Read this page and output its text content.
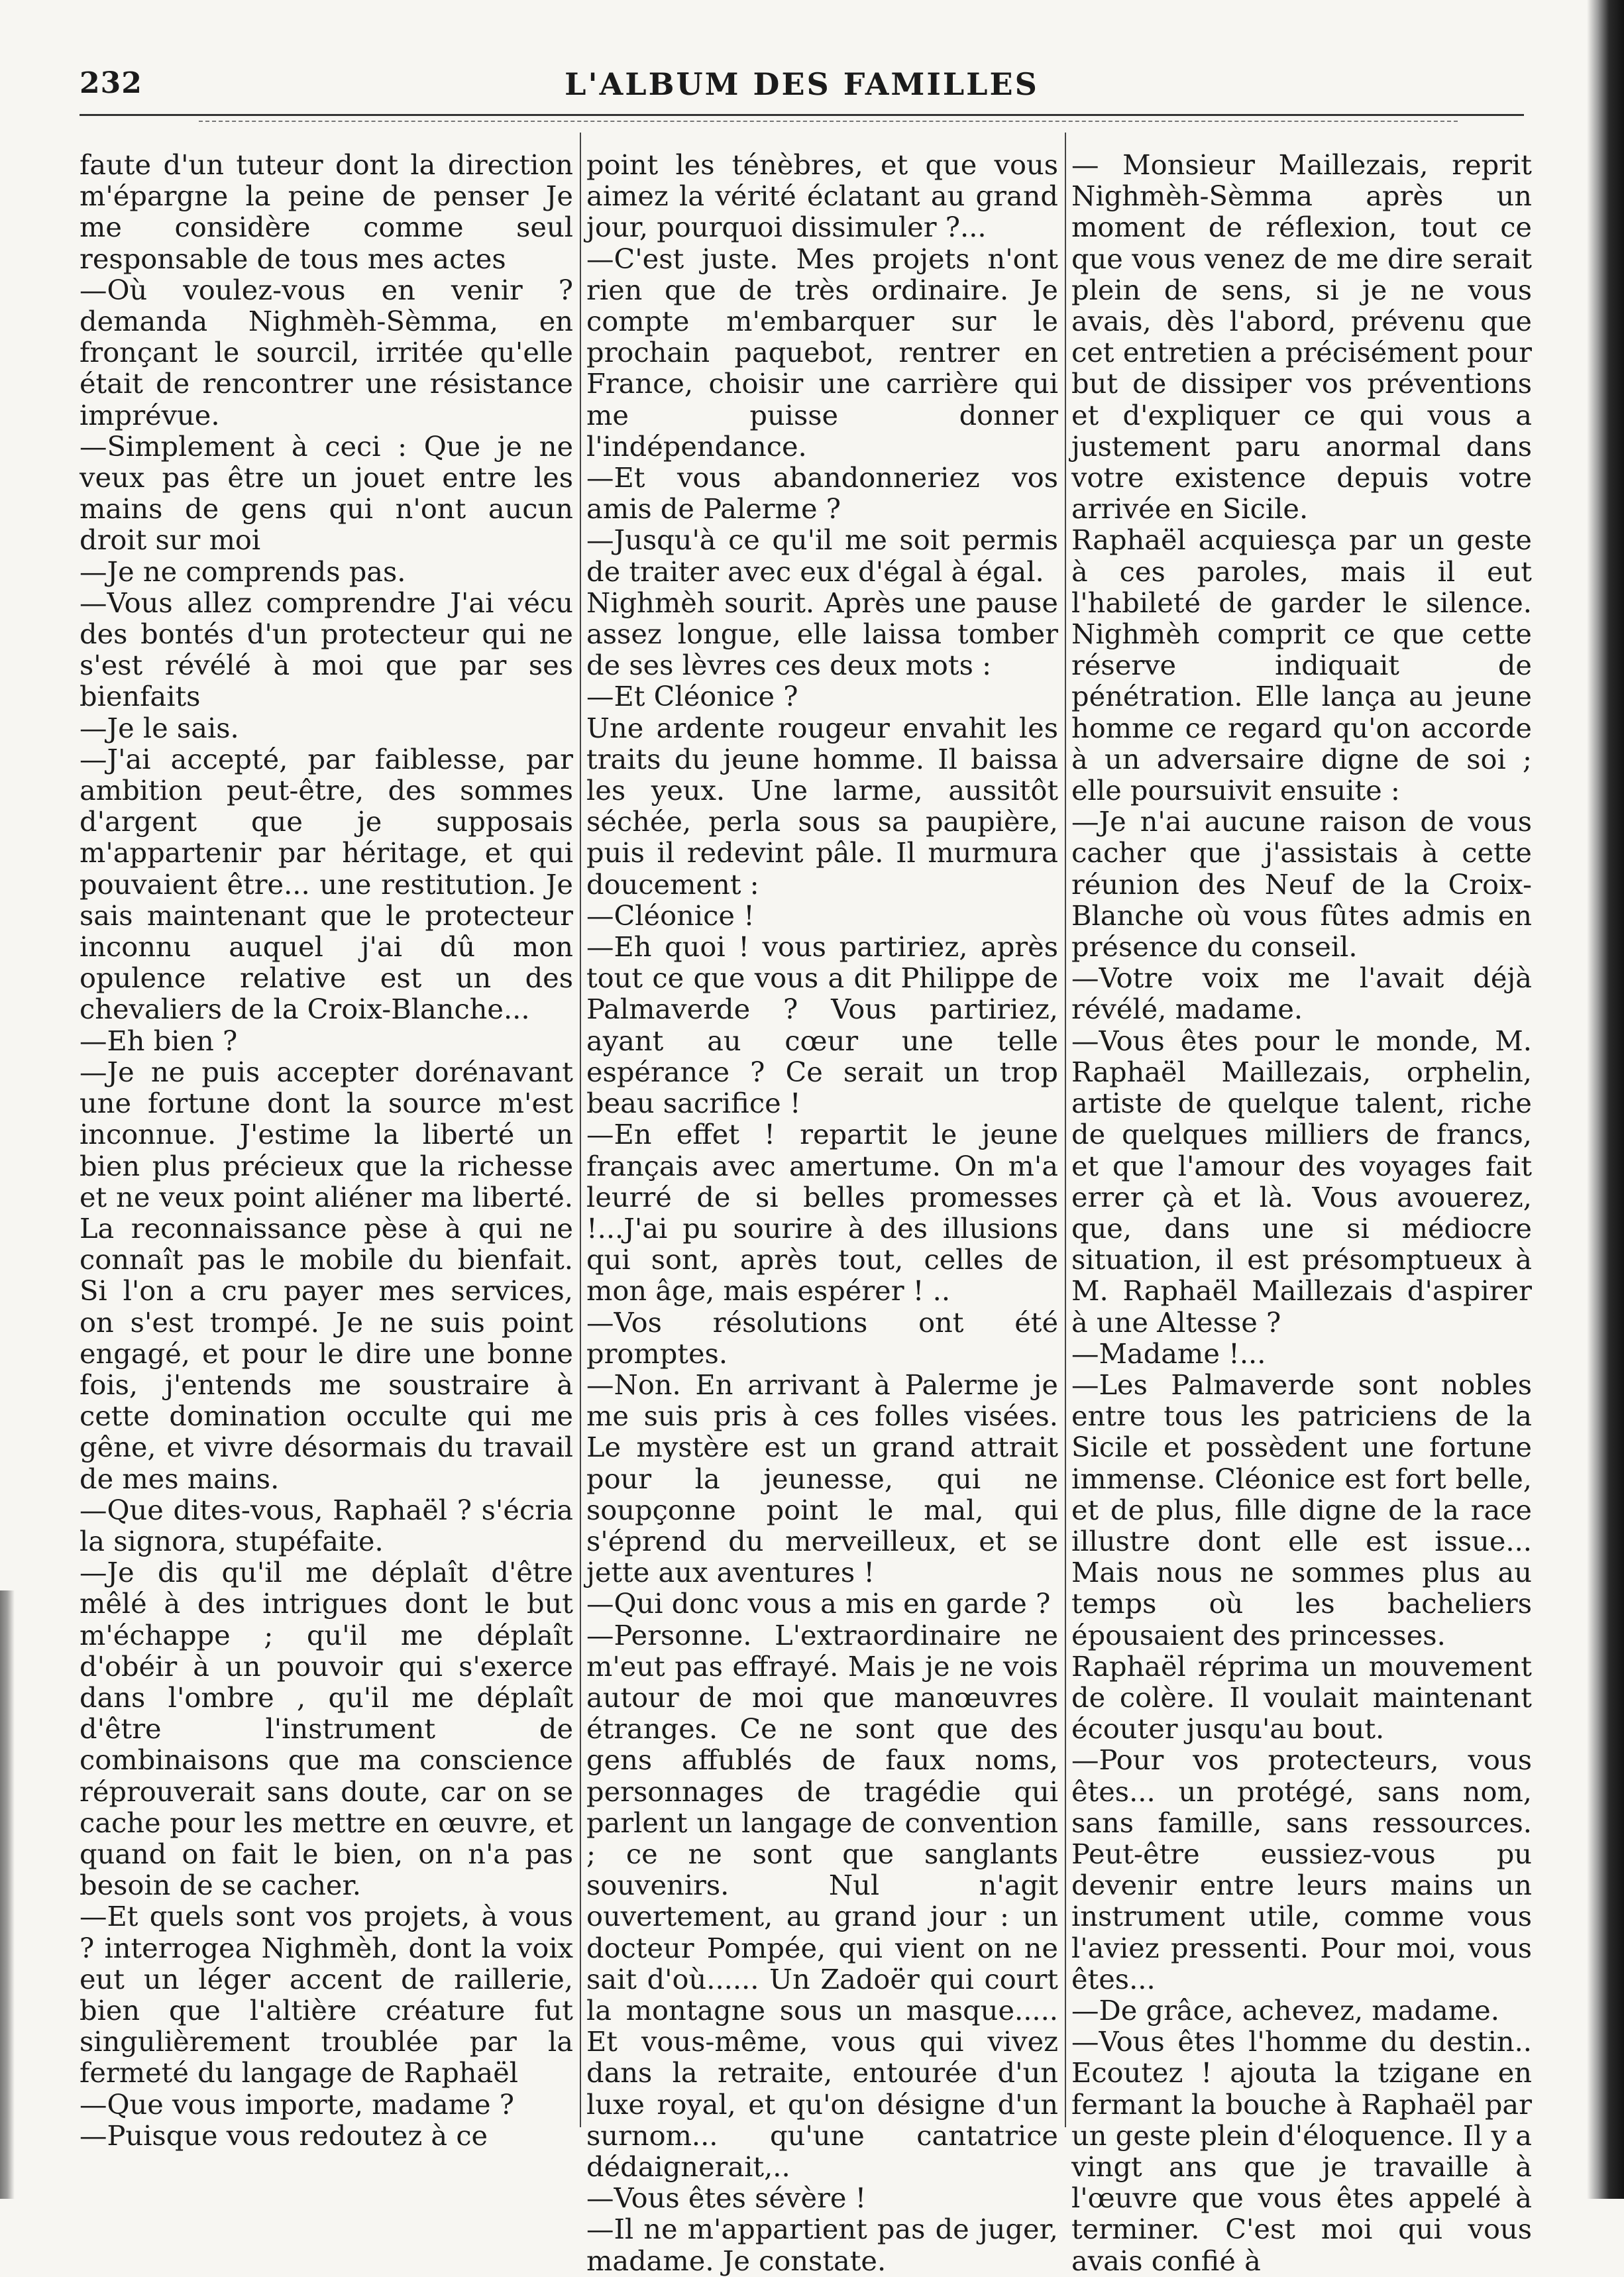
232	L'ALBUM DES FAMILLES

faute d'un tuteur dont la direction m'épargne la peine de penser Je me considère comme seul responsable de tous mes actes

—Où voulez-vous en venir ? demanda Nighmèh-Sèmma, en fronçant le sourcil, irritée qu'elle était de rencontrer une résistance imprévue.

—Simplement à ceci : Que je ne veux pas être un jouet entre les mains de gens qui n'ont aucun droit sur moi

—Je ne comprends pas.

—Vous allez comprendre J'ai vécu des bontés d'un protecteur qui ne s'est révélé à moi que par ses bienfaits

—Je le sais.

—J'ai accepté, par faiblesse, par ambition peut-être, des sommes d'argent que je supposais m'appartenir par héritage, et qui pouvaient être... une restitution. Je sais maintenant que le protecteur inconnu auquel j'ai dû mon opulence relative est un des chevaliers de la Croix-Blanche...

—Eh bien ?

—Je ne puis accepter dorénavant une fortune dont la source m'est inconnue. J'estime la liberté un bien plus précieux que la richesse et ne veux point aliéner ma liberté. La reconnaissance pèse à qui ne connaît pas le mobile du bienfait. Si l'on a cru payer mes services, on s'est trompé. Je ne suis point engagé, et pour le dire une bonne fois, j'entends me soustraire à cette domination occulte qui me gêne, et vivre désormais du travail de mes mains.

—Que dites-vous, Raphaël ? s'écria la signora, stupéfaite.

—Je dis qu'il me déplaît d'être mêlé à des intrigues dont le but m'échappe ; qu'il me déplaît d'obéir à un pouvoir qui s'exerce dans l'ombre , qu'il me déplaît d'être l'instrument de combinaisons que ma conscience réprouverait sans doute, car on se cache pour les mettre en œuvre, et quand on fait le bien, on n'a pas besoin de se cacher.

—Et quels sont vos projets, à vous ? interrogea Nighmèh, dont la voix eut un léger accent de raillerie, bien que l'altière créature fut singulièrement troublée par la fermeté du langage de Raphaël

—Que vous importe, madame ?

—Puisque vous redoutez à ce

point les ténèbres, et que vous aimez la vérité éclatant au grand jour, pourquoi dissimuler ?...

—C'est juste. Mes projets n'ont rien que de très ordinaire. Je compte m'embarquer sur le prochain paquebot, rentrer en France, choisir une carrière qui me puisse donner l'indépendance.

—Et vous abandonneriez vos amis de Palerme ?

—Jusqu'à ce qu'il me soit permis de traiter avec eux d'égal à égal.

Nighmèh sourit. Après une pause assez longue, elle laissa tomber de ses lèvres ces deux mots :

—Et Cléonice ?

Une ardente rougeur envahit les traits du jeune homme. Il baissa les yeux. Une larme, aussitôt séchée, perla sous sa paupière, puis il redevint pâle. Il murmura doucement :

—Cléonice !

—Eh quoi ! vous partiriez, après tout ce que vous a dit Philippe de Palmaverde ? Vous partiriez, ayant au cœur une telle espérance ? Ce serait un trop beau sacrifice !

—En effet ! repartit le jeune français avec amertume. On m'a leurré de si belles promesses !...J'ai pu sourire à des illusions qui sont, après tout, celles de mon âge, mais espérer ! ..

—Vos résolutions ont été promptes.

—Non. En arrivant à Palerme je me suis pris à ces folles visées. Le mystère est un grand attrait pour la jeunesse, qui ne soupçonne point le mal, qui s'éprend du merveilleux, et se jette aux aventures !

—Qui donc vous a mis en garde ?

—Personne. L'extraordinaire ne m'eut pas effrayé. Mais je ne vois autour de moi que manœuvres étranges. Ce ne sont que des gens affublés de faux noms, personnages de tragédie qui parlent un langage de convention ; ce ne sont que sanglants souvenirs. Nul n'agit ouvertement, au grand jour : un docteur Pompée, qui vient on ne sait d'où...... Un Zadoër qui court la montagne sous un masque..... Et vous-même, vous qui vivez dans la retraite, entourée d'un luxe royal, et qu'on désigne d'un surnom... qu'une cantatrice dédaignerait,..

—Vous êtes sévère !

—Il ne m'appartient pas de juger, madame. Je constate.

— Monsieur Maillezais, reprit Nighmèh-Sèmma après un moment de réflexion, tout ce que vous venez de me dire serait plein de sens, si je ne vous avais, dès l'abord, prévenu que cet entretien a précisément pour but de dissiper vos préventions et d'expliquer ce qui vous a justement paru anormal dans votre existence depuis votre arrivée en Sicile.

Raphaël acquiesça par un geste à ces paroles, mais il eut l'habileté de garder le silence. Nighmèh comprit ce que cette réserve indiquait de pénétration. Elle lança au jeune homme ce regard qu'on accorde à un adversaire digne de soi ; elle poursuivit ensuite :

—Je n'ai aucune raison de vous cacher que j'assistais à cette réunion des Neuf de la Croix-Blanche où vous fûtes admis en présence du conseil.

—Votre voix me l'avait déjà révélé, madame.

—Vous êtes pour le monde, M. Raphaël Maillezais, orphelin, artiste de quelque talent, riche de quelques milliers de francs, et que l'amour des voyages fait errer çà et là. Vous avouerez, que, dans une si médiocre situation, il est présomptueux à M. Raphaël Maillezais d'aspirer à une Altesse ?

—Madame !...

—Les Palmaverde sont nobles entre tous les patriciens de la Sicile et possèdent une fortune immense. Cléonice est fort belle, et de plus, fille digne de la race illustre dont elle est issue... Mais nous ne sommes plus au temps où les bacheliers épousaient des princesses.

Raphaël réprima un mouvement de colère. Il voulait maintenant écouter jusqu'au bout.

—Pour vos protecteurs, vous êtes... un protégé, sans nom, sans famille, sans ressources. Peut-être eussiez-vous pu devenir entre leurs mains un instrument utile, comme vous l'aviez pressenti. Pour moi, vous êtes...

—De grâce, achevez, madame.

—Vous êtes l'homme du destin.. Ecoutez ! ajouta la tzigane en fermant la bouche à Raphaël par un geste plein d'éloquence. Il y a vingt ans que je travaille à l'œuvre que vous êtes appelé à terminer. C'est moi qui vous avais confié à
